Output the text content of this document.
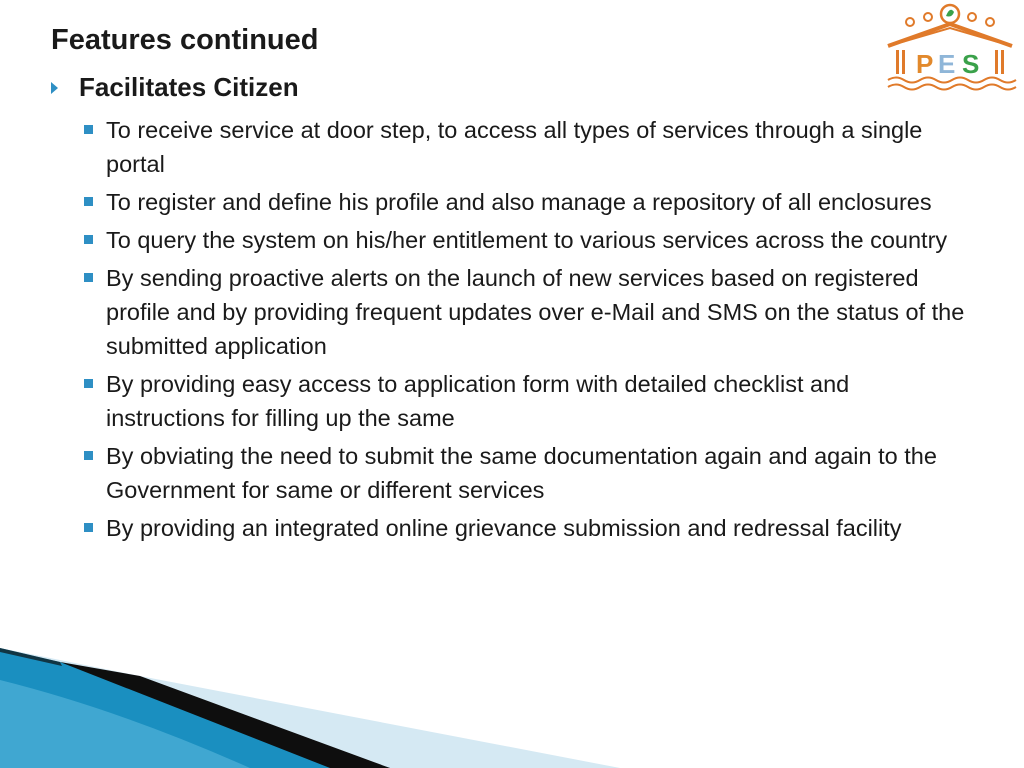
Features continued
Facilitates Citizen
To receive service at door step, to access all types of services through a single portal
To register and define his profile and also manage a repository of all enclosures
To query the system on his/her entitlement to various services across the country
By sending proactive alerts on the launch of new services based on registered profile and by providing frequent updates over e-Mail and SMS on the status of the submitted application
By providing easy access to application form with detailed checklist and instructions for filling up the same
By obviating the need to submit the same documentation again and again to the Government for same or different services
By providing an integrated online grievance submission and redressal facility
P E S
